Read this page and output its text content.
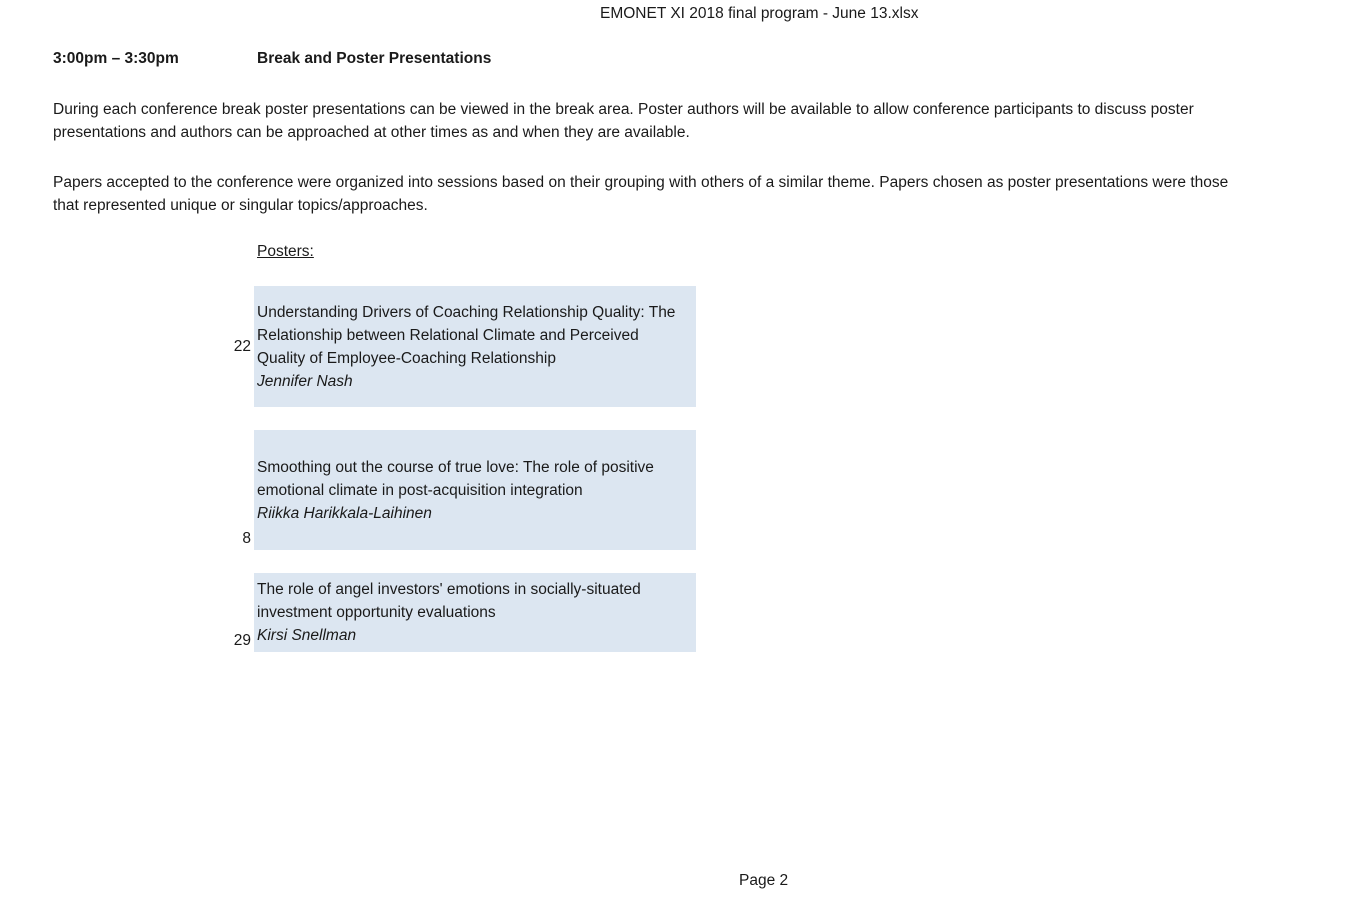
EMONET XI 2018 final program - June 13.xlsx
3:00pm – 3:30pm	Break and Poster Presentations

During each conference break poster presentations can be viewed in the break area. Poster authors will be available to allow conference participants to discuss poster presentations and authors can be approached at other times as and when they are available.

Papers accepted to the conference were organized into sessions based on their grouping with others of a similar theme. Papers chosen as poster presentations were those that represented unique or singular topics/approaches.

Posters:
Understanding Drivers of Coaching Relationship Quality: The Relationship between Relational Climate and Perceived Quality of Employee-Coaching Relationship
Jennifer Nash
22
Smoothing out the course of true love: The role of positive emotional climate in post-acquisition integration
Riikka Harikkala-Laihinen
8
The role of angel investors' emotions in socially-situated investment opportunity evaluations
Kirsi Snellman
29
Page 2
